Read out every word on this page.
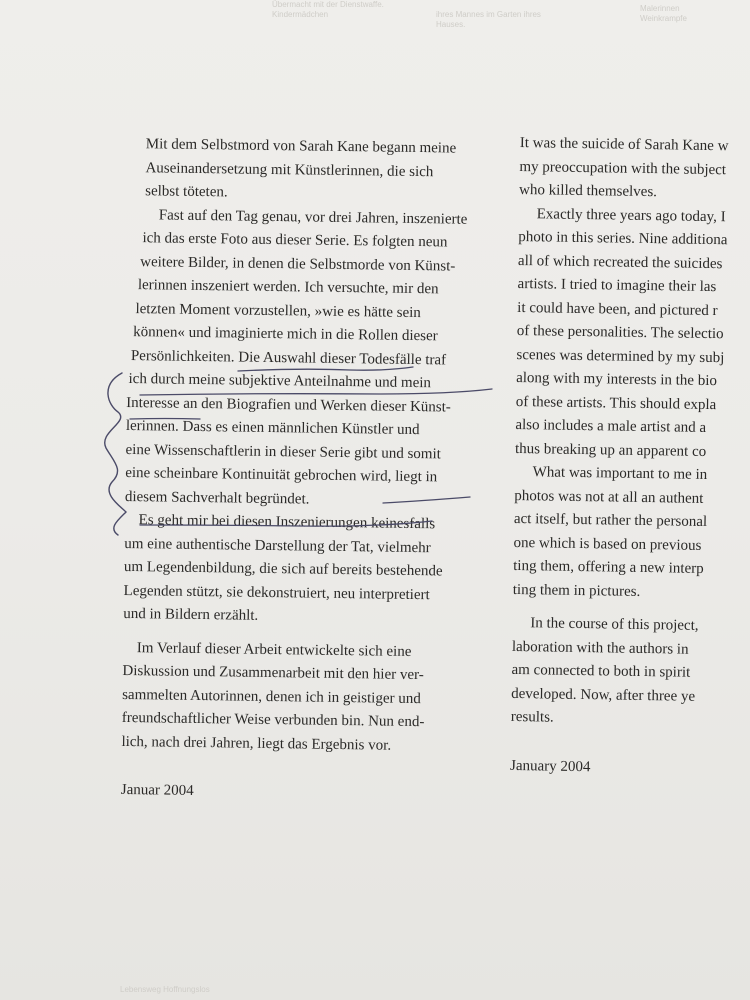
Übermacht mit der Dienstwaffe.
Kindermädchen	ihres Mannes im Garten ihres
Hauses.
Malerinnen
Weinkrampfe
Lebensweg Hoffnungslos
Mit dem Selbstmord von Sarah Kane begann meine
Auseinandersetzung mit Künstlerinnen, die sich
selbst töteten.
Fast auf den Tag genau, vor drei Jahren, inszenierte
ich das erste Foto aus dieser Serie. Es folgten neun
weitere Bilder, in denen die Selbstmorde von Künst-
lerinnen inszeniert werden. Ich versuchte, mir den
letzten Moment vorzustellen, »wie es hätte sein
können« und imaginierte mich in die Rollen dieser
Persönlichkeiten. Die Auswahl dieser Todesfälle traf
ich durch meine subjektive Anteilnahme und mein
Interesse an den Biografien und Werken dieser Künst-
lerinnen. Dass es einen männlichen Künstler und
eine Wissenschaftlerin in dieser Serie gibt und somit
eine scheinbare Kontinuität gebrochen wird, liegt in
diesem Sachverhalt begründet.
Es geht mir bei diesen Inszenierungen keinesfalls
um eine authentische Darstellung der Tat, vielmehr
um Legendenbildung, die sich auf bereits bestehende
Legenden stützt, sie dekonstruiert, neu interpretiert
und in Bildern erzählt.
Im Verlauf dieser Arbeit entwickelte sich eine
Diskussion und Zusammenarbeit mit den hier ver-
sammelten Autorinnen, denen ich in geistiger und
freundschaftlicher Weise verbunden bin. Nun end-
lich, nach drei Jahren, liegt das Ergebnis vor.
Januar 2004
It was the suicide of Sarah Kane w
my preoccupation with the subject
who killed themselves.
Exactly three years ago today, I
photo in this series. Nine additiona
all of which recreated the suicides
artists. I tried to imagine their las
it could have been, and pictured r
of these personalities. The selectio
scenes was determined by my subj
along with my interests in the bio
of these artists. This should expla
also includes a male artist and a
thus breaking up an apparent co
What was important to me in
photos was not at all an authent
act itself, but rather the personal
one which is based on previous
ting them, offering a new interp
ting them in pictures.
In the course of this project,
laboration with the authors in
am connected to both in spirit
developed. Now, after three ye
results.
January 2004
